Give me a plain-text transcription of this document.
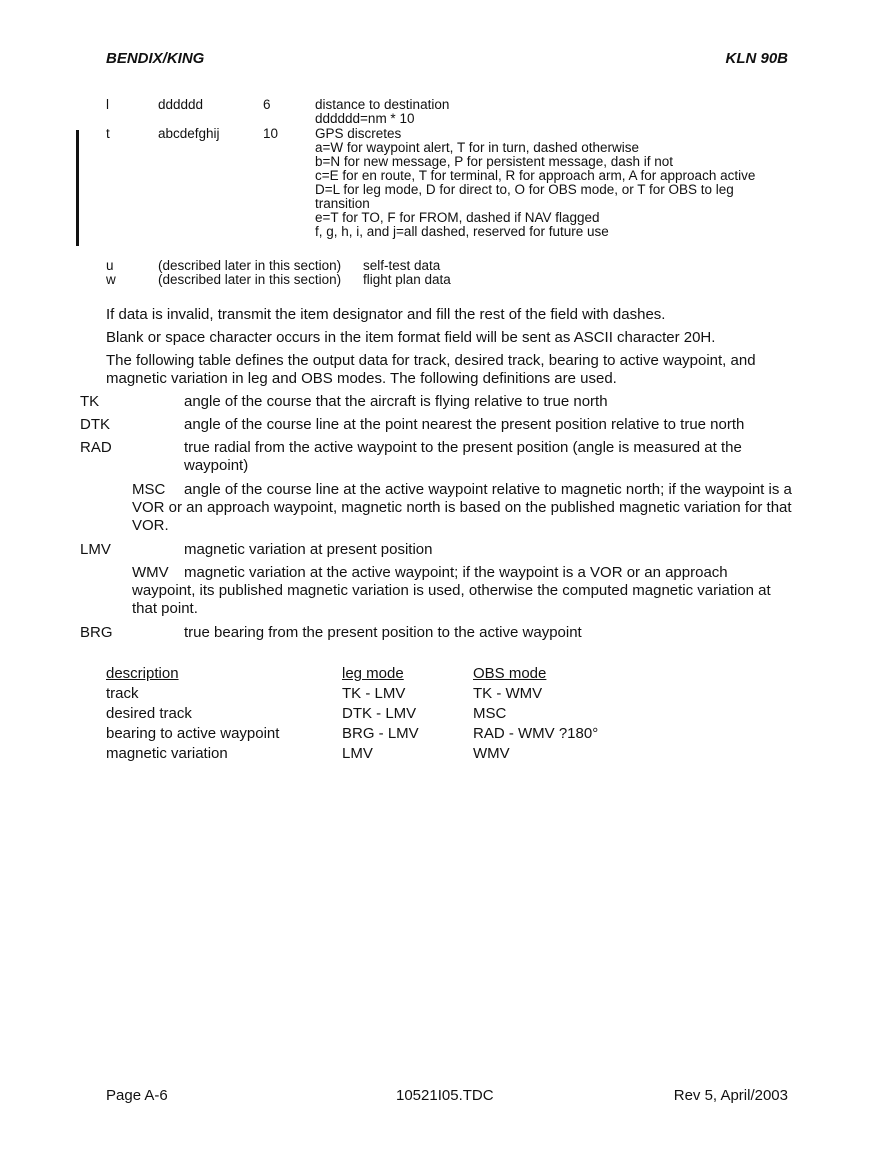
BENDIX/KING	KLN 90B
l	dddddd	6	distance to destination
dddddd=nm * 10
t	abcdefghij	10	GPS discretes
a=W for waypoint alert, T for in turn, dashed otherwise
b=N for new message, P for persistent message, dash if not
c=E for en route, T for terminal, R for approach arm, A for approach active
D=L for leg mode, D for direct to, O for OBS mode, or T for OBS to leg
transition
e=T for TO, F for FROM, dashed if NAV flagged
f, g, h, i, and j=all dashed, reserved for future use
u	(described later in this section) self-test data
w	(described later in this section) flight plan data
If data is invalid, transmit the item designator and fill the rest of the field with dashes.
Blank or space character occurs in the item format field will be sent as ASCII character 20H.
The following table defines the output data for track, desired track, bearing to active waypoint, and magnetic variation in leg and OBS modes. The following definitions are used.
TK	angle of the course that the aircraft is flying relative to true north
DTK	angle of the course line at the point nearest the present position relative to true north
RAD	true radial from the active waypoint to the present position (angle is measured at the waypoint)
MSC angle of the course line at the active waypoint relative to magnetic north; if the waypoint is a VOR or an approach waypoint, magnetic north is based on the published magnetic variation for that VOR.
LMV	magnetic variation at present position
WMV magnetic variation at the active waypoint; if the waypoint is a VOR or an approach waypoint, its published magnetic variation is used, otherwise the computed magnetic variation at that point.
BRG	true bearing from the present position to the active waypoint
description	leg mode	OBS mode
track	TK - LMV	TK - WMV
desired track	DTK - LMV	MSC
bearing to active waypoint	BRG - LMV	RAD - WMV ?180°
magnetic variation	LMV	WMV
Page A-6	10521I05.TDC	Rev 5, April/2003
